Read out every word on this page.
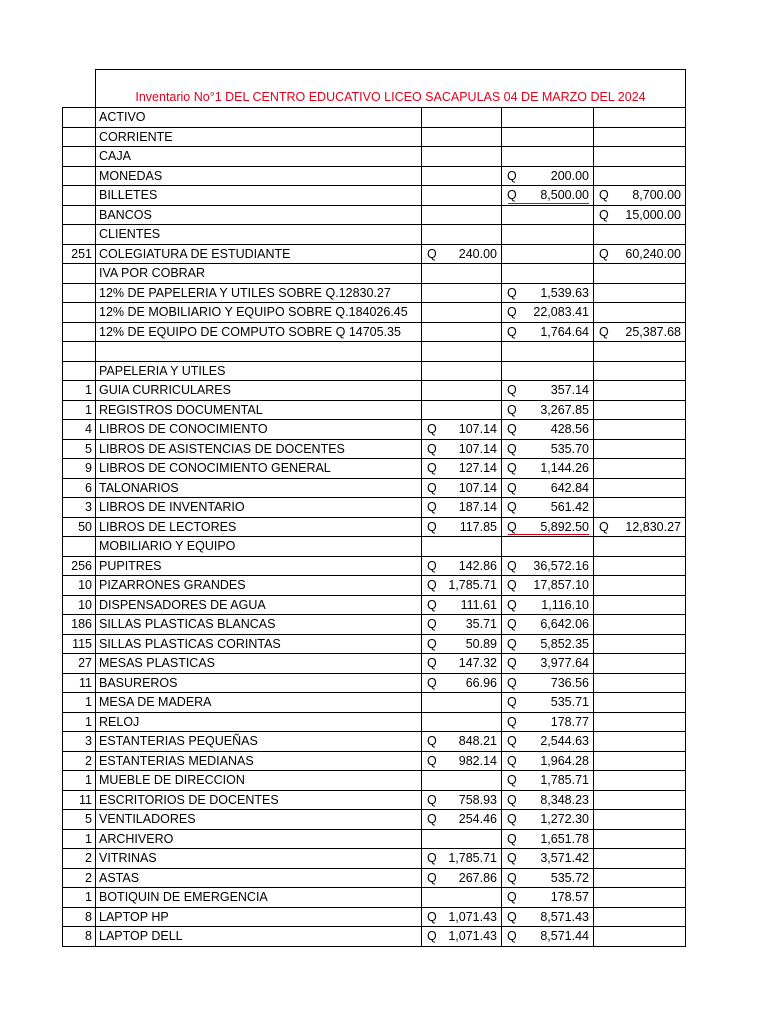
	Inventario No°1 DEL CENTRO EDUCATIVO LICEO SACAPULAS 04 DE MARZO DEL 2024			
	ACTIVO			
	CORRIENTE			
	CAJA			
	MONEDAS		Q 200.00	

	BILLETES		Q 8,500.00	Q 8,700.00

	BANCOS			Q 15,000.00

	CLIENTES			
251	COLEGIATURA DE ESTUDIANTE	Q 240.00		Q 60,240.00

	IVA POR COBRAR			
	12% DE PAPELERIA Y UTILES SOBRE Q.12830.27		Q 1,539.63	

	12% DE MOBILIARIO Y EQUIPO SOBRE Q.184026.45		Q 22,083.41	

	12% DE EQUIPO DE COMPUTO SOBRE Q 14705.35		Q 1,764.64	Q 25,387.68

	PAPELERIA Y UTILES			
1	GUIA CURRICULARES		Q 357.14	

1	REGISTROS DOCUMENTAL		Q 3,267.85	

4	LIBROS DE CONOCIMIENTO	Q 107.14	Q 428.56	

5	LIBROS DE ASISTENCIAS DE DOCENTES	Q 107.14	Q 535.70	

9	LIBROS DE CONOCIMIENTO GENERAL	Q 127.14	Q 1,144.26	

6	TALONARIOS	Q 107.14	Q 642.84	

3	LIBROS DE INVENTARIO	Q 187.14	Q 561.42	

50	LIBROS DE LECTORES	Q 117.85	Q 5,892.50	Q 12,830.27

	MOBILIARIO Y EQUIPO			
256	PUPITRES	Q 142.86	Q 36,572.16	

10	PIZARRONES GRANDES	Q 1,785.71	Q 17,857.10	

10	DISPENSADORES DE AGUA	Q 111.61	Q 1,116.10	

186	SILLAS PLASTICAS BLANCAS	Q 35.71	Q 6,642.06	

115	SILLAS PLASTICAS CORINTAS	Q 50.89	Q 5,852.35	

27	MESAS PLASTICAS	Q 147.32	Q 3,977.64	

11	BASUREROS	Q 66.96	Q 736.56	

1	MESA DE MADERA		Q 535.71	

1	RELOJ		Q 178.77	

3	ESTANTERIAS PEQUEÑAS	Q 848.21	Q 2,544.63	

2	ESTANTERIAS MEDIANAS	Q 982.14	Q 1,964.28	

1	MUEBLE DE DIRECCION		Q 1,785.71	

11	ESCRITORIOS DE DOCENTES	Q 758.93	Q 8,348.23	

5	VENTILADORES	Q 254.46	Q 1,272.30	

1	ARCHIVERO		Q 1,651.78	

2	VITRINAS	Q 1,785.71	Q 3,571.42	

2	ASTAS	Q 267.86	Q 535.72	

1	BOTIQUIN DE EMERGENCIA		Q 178.57	

8	LAPTOP HP	Q 1,071.43	Q 8,571.43	

8	LAPTOP DELL	Q 1,071.43	Q 8,571.44	
